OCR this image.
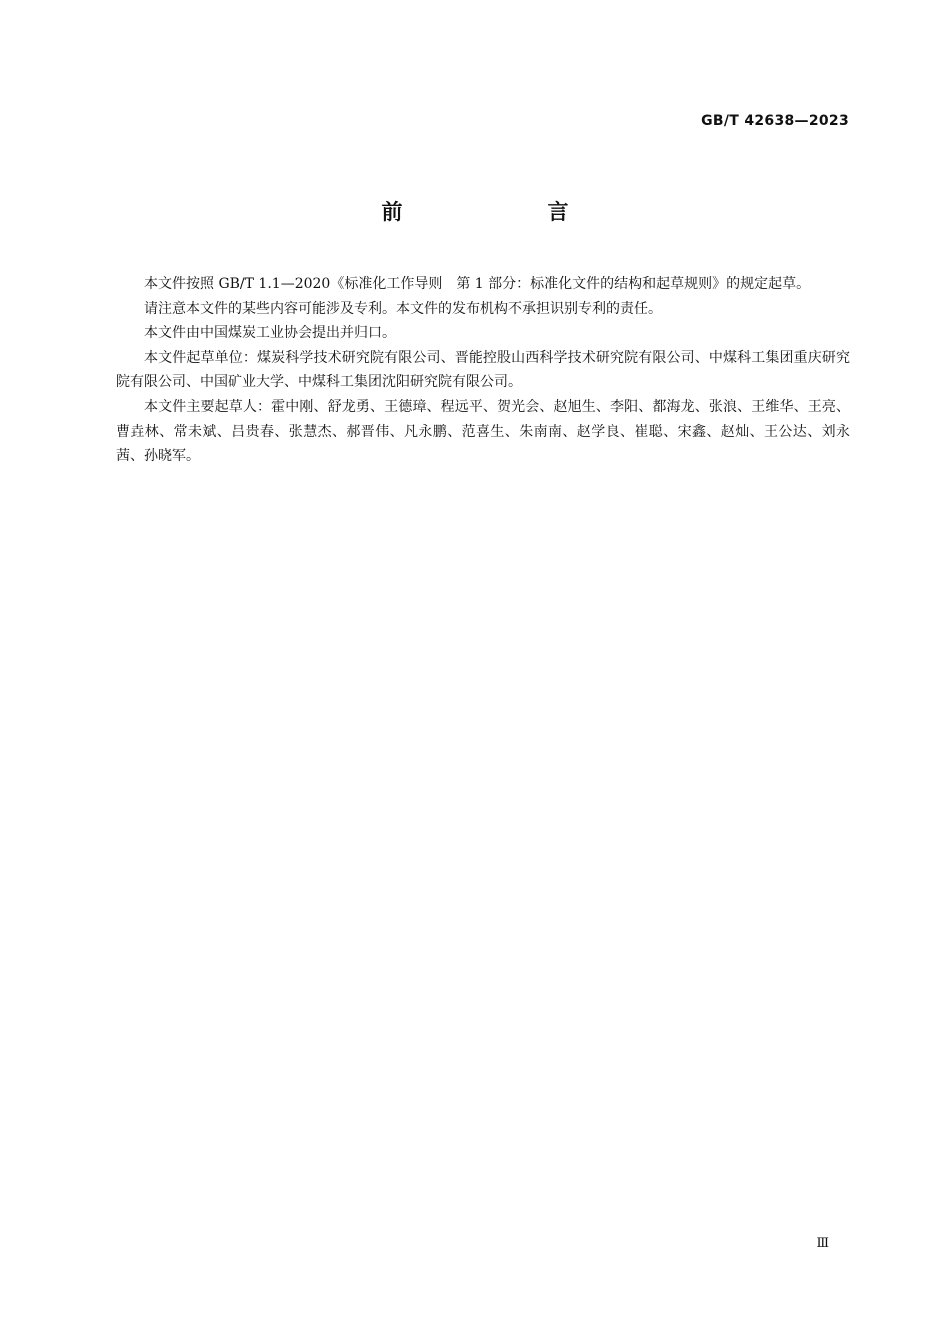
GB/T 42638—2023
前　言

本文件按照 GB/T 1.1—2020《标准化工作导则　第 1 部分：标准化文件的结构和起草规则》的规定起草。

请注意本文件的某些内容可能涉及专利。本文件的发布机构不承担识别专利的责任。

本文件由中国煤炭工业协会提出并归口。

本文件起草单位：煤炭科学技术研究院有限公司、晋能控股山西科学技术研究院有限公司、中煤科工集团重庆研究院有限公司、中国矿业大学、中煤科工集团沈阳研究院有限公司。

本文件主要起草人：霍中刚、舒龙勇、王德璋、程远平、贺光会、赵旭生、李阳、都海龙、张浪、王维华、王亮、曹垚林、常未斌、吕贵春、张慧杰、郝晋伟、凡永鹏、范喜生、朱南南、赵学良、崔聪、宋鑫、赵灿、王公达、刘永茜、孙晓军。

Ⅲ
